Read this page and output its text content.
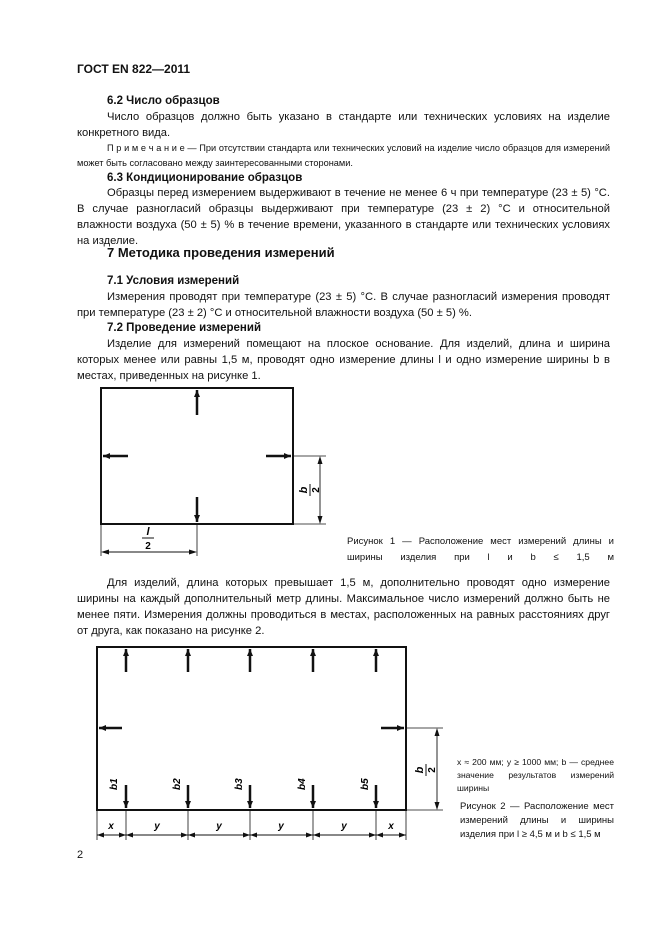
ГОСТ EN 822—2011
6.2 Число образцов
Число образцов должно быть указано в стандарте или технических условиях на изделие конкретного вида.
П р и м е ч а н и е — При отсутствии стандарта или технических условий на изделие число образцов для измерений может быть согласовано между заинтересованными сторонами.
6.3 Кондиционирование образцов
Образцы перед измерением выдерживают в течение не менее 6 ч при температуре (23 ± 5) °С. В случае разногласий образцы выдерживают при температуре (23 ± 2) °С и относительной влажности воздуха (50 ± 5) % в течение времени, указанного в стандарте или технических условиях на изделие.
7 Методика проведения измерений
7.1 Условия измерений
Измерения проводят при температуре (23 ± 5) °С. В случае разногласий измерения проводят при температуре (23 ± 2) °С и относительной влажности воздуха (50 ± 5) %.
7.2 Проведение измерений
Изделие для измерений помещают на плоское основание. Для изделий, длина и ширина которых менее или равны 1,5 м, проводят одно измерение длины l и одно измерение ширины b в местах, приведенных на рисунке 1.
l
2
b 2
b1	b2	b3	b4	b5
b 2
x	y	y	y	y	x
Рисунок 1 — Расположение мест измерений длины и ширины изделия при l и b ≤ 1,5 м
Для изделий, длина которых превышает 1,5 м, дополнительно проводят одно измерение ширины на каждый дополнительный метр длины. Максимальное число измерений должно быть не менее пяти. Измерения должны проводиться в местах, расположенных на равных расстояниях друг от друга, как показано на рисунке 2.
x ≈ 200 мм; y ≥ 1000 мм; b — среднее значение результатов измерений ширины
Рисунок 2 — Расположение мест измерений длины и ширины изделия при l ≥ 4,5 м и b ≤ 1,5 м
2
